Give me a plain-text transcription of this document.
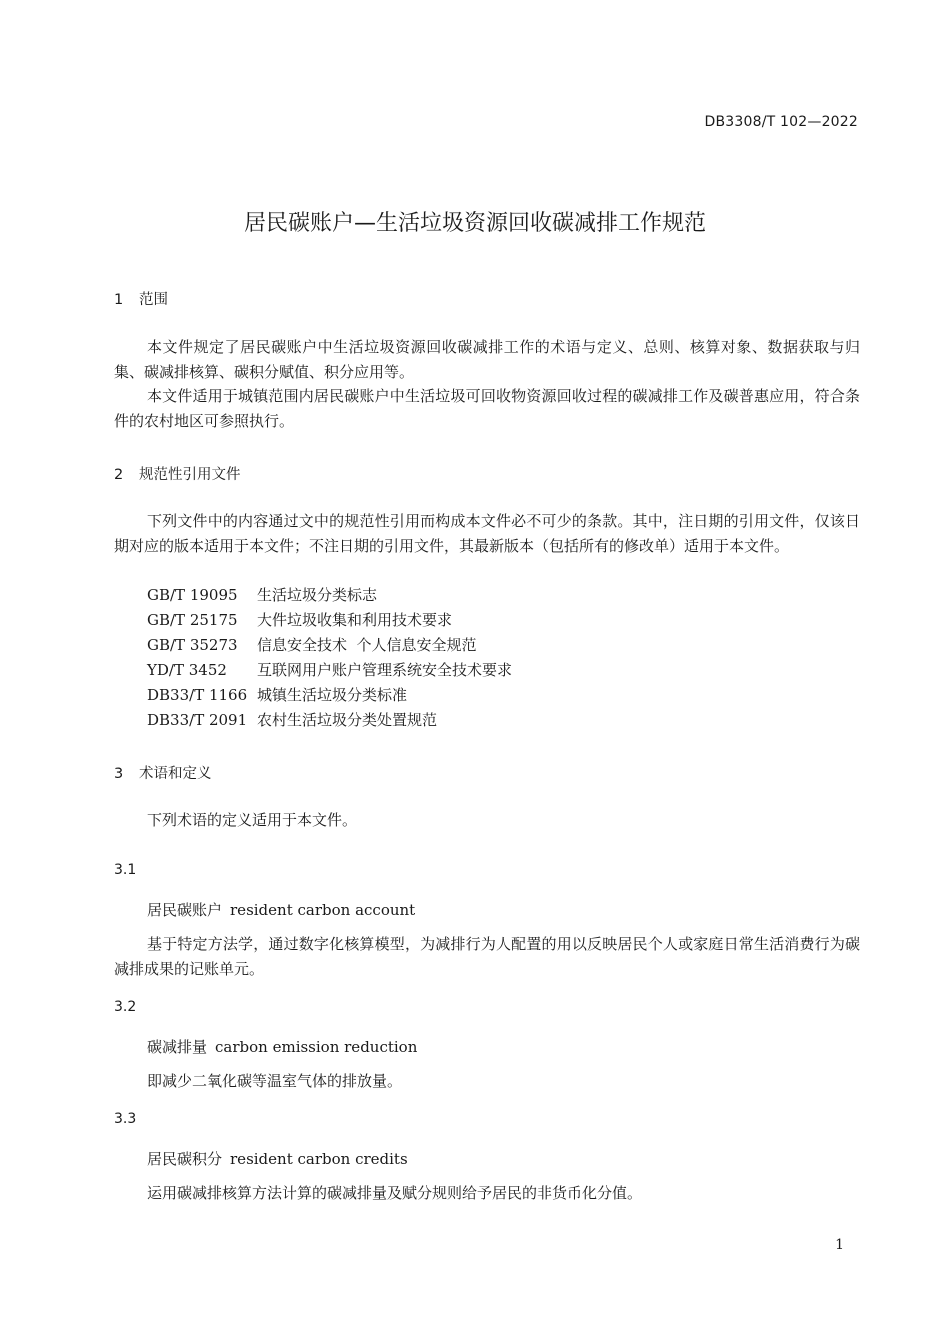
DB3308/T 102—2022
居民碳账户—生活垃圾资源回收碳减排工作规范
1 范围
本文件规定了居民碳账户中生活垃圾资源回收碳减排工作的术语与定义、总则、核算对象、数据获取与归集、碳减排核算、碳积分赋值、积分应用等。
本文件适用于城镇范围内居民碳账户中生活垃圾可回收物资源回收过程的碳减排工作及碳普惠应用，符合条件的农村地区可参照执行。
2 规范性引用文件
下列文件中的内容通过文中的规范性引用而构成本文件必不可少的条款。其中，注日期的引用文件，仅该日期对应的版本适用于本文件；不注日期的引用文件，其最新版本（包括所有的修改单）适用于本文件。
GB/T 19095 生活垃圾分类标志
GB/T 25175 大件垃圾收集和利用技术要求
GB/T 35273 信息安全技术  个人信息安全规范
YD/T 3452 互联网用户账户管理系统安全技术要求
DB33/T 1166 城镇生活垃圾分类标准
DB33/T 2091 农村生活垃圾分类处置规范
3 术语和定义
下列术语的定义适用于本文件。
3.1
居民碳账户 resident carbon account
基于特定方法学，通过数字化核算模型，为减排行为人配置的用以反映居民个人或家庭日常生活消费行为碳减排成果的记账单元。
3.2
碳减排量 carbon emission reduction
即减少二氧化碳等温室气体的排放量。
3.3
居民碳积分 resident carbon credits
运用碳减排核算方法计算的碳减排量及赋分规则给予居民的非货币化分值。
1
